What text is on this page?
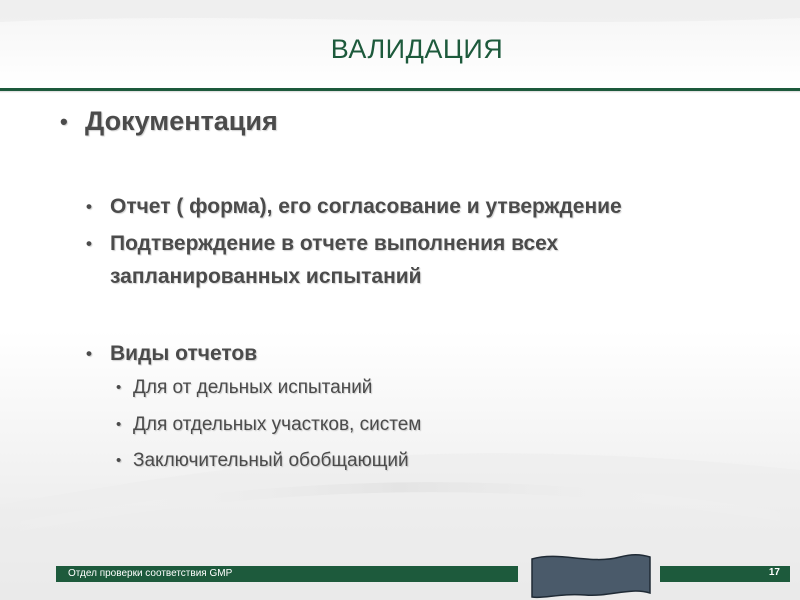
ВАЛИДАЦИЯ
• Документация
• Отчет ( форма), его согласование и утверждение
• Подтверждение в отчете выполнения всех
запланированных испытаний
• Виды отчетов
• Для от дельных испытаний
• Для отдельных участков, систем
• Заключительный обобщающий
Отдел проверки соответствия GMP	17
